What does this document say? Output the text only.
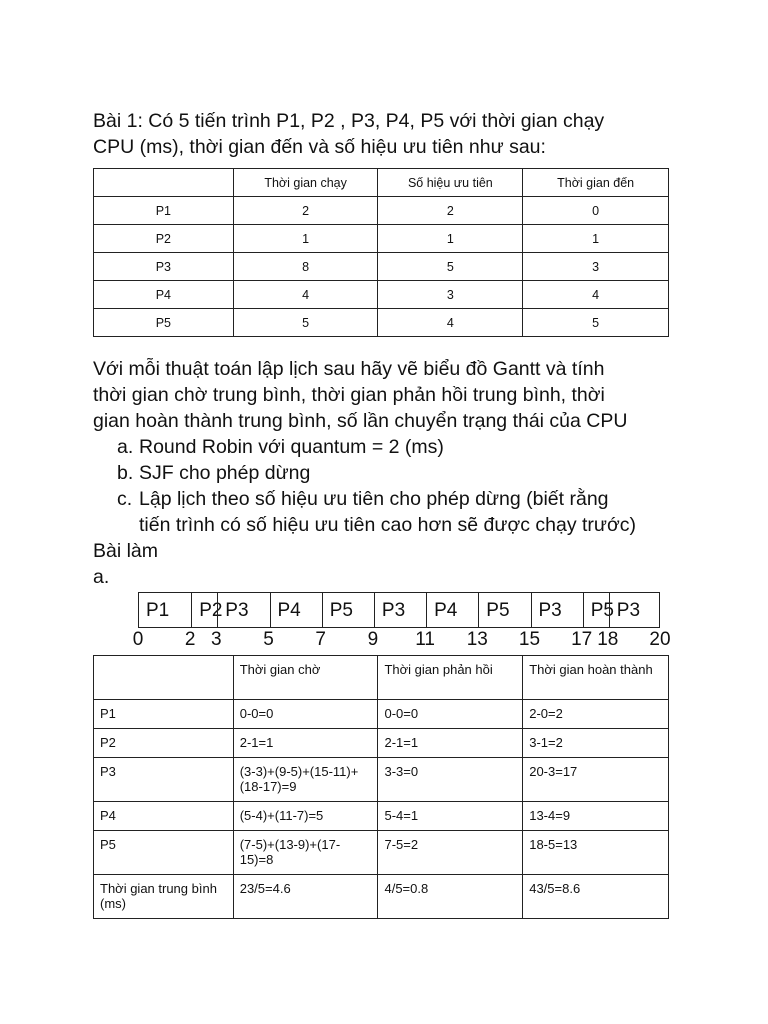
Bài 1: Có 5 tiến trình P1, P2 , P3, P4, P5 với thời gian chạy
CPU (ms), thời gian đến và số hiệu ưu tiên như sau:
	Thời gian chạy	Số hiệu ưu tiên	Thời gian đến
P1	2	2	0
P2	1	1	1
P3	8	5	3
P4	4	3	4
P5	5	4	5
Với mỗi thuật toán lập lịch sau hãy vẽ biểu đồ Gantt và tính
thời gian chờ trung bình, thời gian phản hồi trung bình, thời
gian hoàn thành trung bình, số lần chuyển trạng thái của CPU
a. Round Robin với quantum = 2 (ms)
b. SJF cho phép dừng
c. Lập lịch theo số hiệu ưu tiên cho phép dừng (biết rằng
tiến trình có số hiệu ưu tiên cao hơn sẽ được chạy trước)
Bài làm
a.
P1	P2 P3	P4	P5	P3	P4	P5	P3	P5 P3
0 2 3 5 7 9 11 13 15 17 18 20
	Thời gian chờ	Thời gian phản hồi	Thời gian hoàn thành
P1	0-0=0	0-0=0	2-0=2
P2	2-1=1	2-1=1	3-1=2
P3	(3-3)+(9-5)+(15-11)+(18-17)=9	3-3=0	20-3=17
P4	(5-4)+(11-7)=5	5-4=1	13-4=9
P5	(7-5)+(13-9)+(17-15)=8	7-5=2	18-5=13
Thời gian trung bình (ms)	23/5=4.6	4/5=0.8	43/5=8.6
